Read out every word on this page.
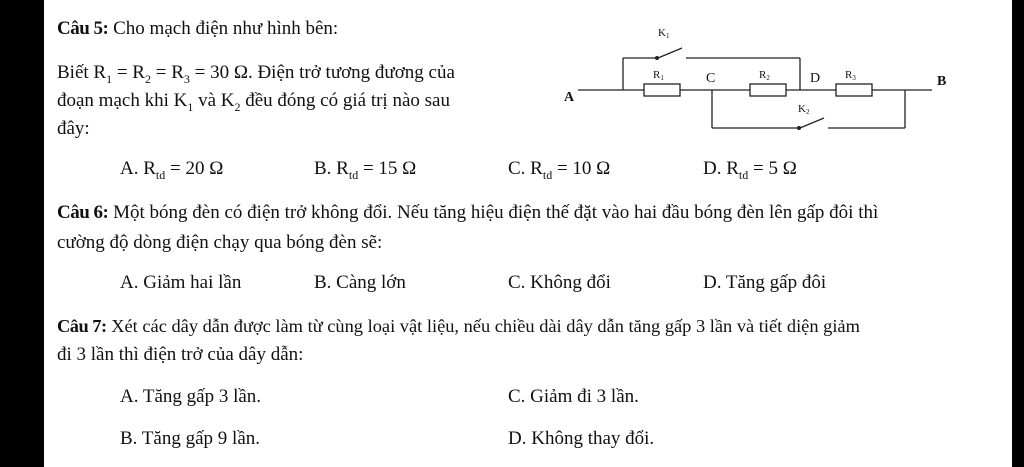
Câu 5: Cho mạch điện như hình bên:
Biết $R_1 = R_2 = R_3 = 30$ Ω. Điện trở tương đương của
đoạn mạch khi $K_1$ và $K_2$ đều đóng có giá trị nào sau
đây:
A. $R_{td} = 20$ Ω	B. $R_{td} = 15$ Ω	C. $R_{td} = 10$ Ω	D. $R_{td} = 5$ Ω
K1
R1	R2	R3
K2
A
B
C	D
Câu 6: Một bóng đèn có điện trở không đổi. Nếu tăng hiệu điện thế đặt vào hai đầu bóng đèn lên gấp đôi thì
cường độ dòng điện chạy qua bóng đèn sẽ:
A. Giảm hai lần	B. Càng lớn	C. Không đổi	D. Tăng gấp đôi
Câu 7: Xét các dây dẫn được làm từ cùng loại vật liệu, nếu chiều dài dây dẫn tăng gấp 3 lần và tiết diện giảm
đi 3 lần thì điện trở của dây dẫn:
A. Tăng gấp 3 lần.	C. Giảm đi 3 lần.
B. Tăng gấp 9 lần.	D. Không thay đổi.
